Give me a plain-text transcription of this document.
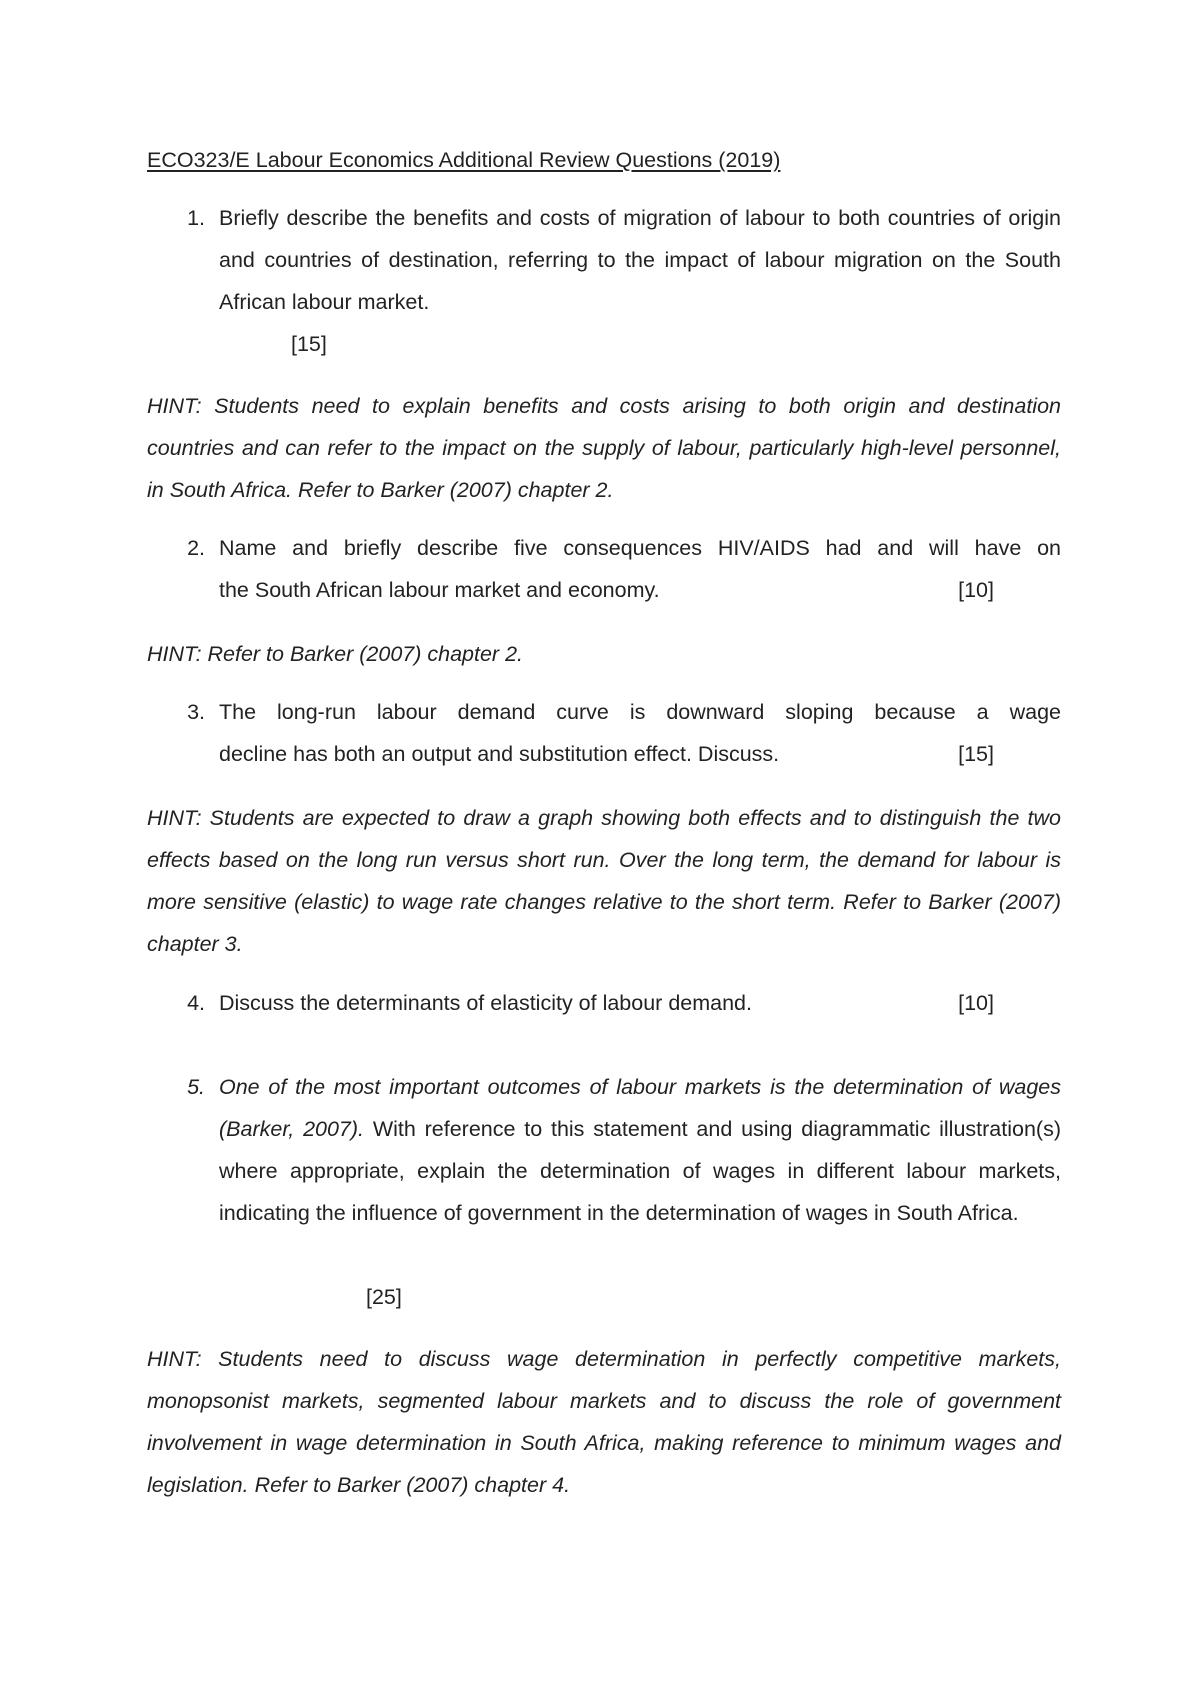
ECO323/E Labour Economics Additional Review Questions (2019)
1. Briefly describe the benefits and costs of migration of labour to both countries of origin and countries of destination, referring to the impact of labour migration on the South African labour market.
[15]
HINT: Students need to explain benefits and costs arising to both origin and destination countries and can refer to the impact on the supply of labour, particularly high-level personnel, in South Africa. Refer to Barker (2007) chapter 2.
2. Name and briefly describe five consequences HIV/AIDS had and will have on
the South African labour market and economy.	[10]
HINT: Refer to Barker (2007) chapter 2.
3. The long-run labour demand curve is downward sloping because a wage
decline has both an output and substitution effect. Discuss.	[15]
HINT: Students are expected to draw a graph showing both effects and to distinguish the two effects based on the long run versus short run. Over the long term, the demand for labour is more sensitive (elastic) to wage rate changes relative to the short term. Refer to Barker (2007) chapter 3.
4. Discuss the determinants of elasticity of labour demand.	[10]
5. One of the most important outcomes of labour markets is the determination of wages (Barker, 2007). With reference to this statement and using diagrammatic illustration(s) where appropriate, explain the determination of wages in different labour markets, indicating the influence of government in the determination of wages in South Africa.
[25]
HINT: Students need to discuss wage determination in perfectly competitive markets, monopsonist markets, segmented labour markets and to discuss the role of government involvement in wage determination in South Africa, making reference to minimum wages and legislation. Refer to Barker (2007) chapter 4.
